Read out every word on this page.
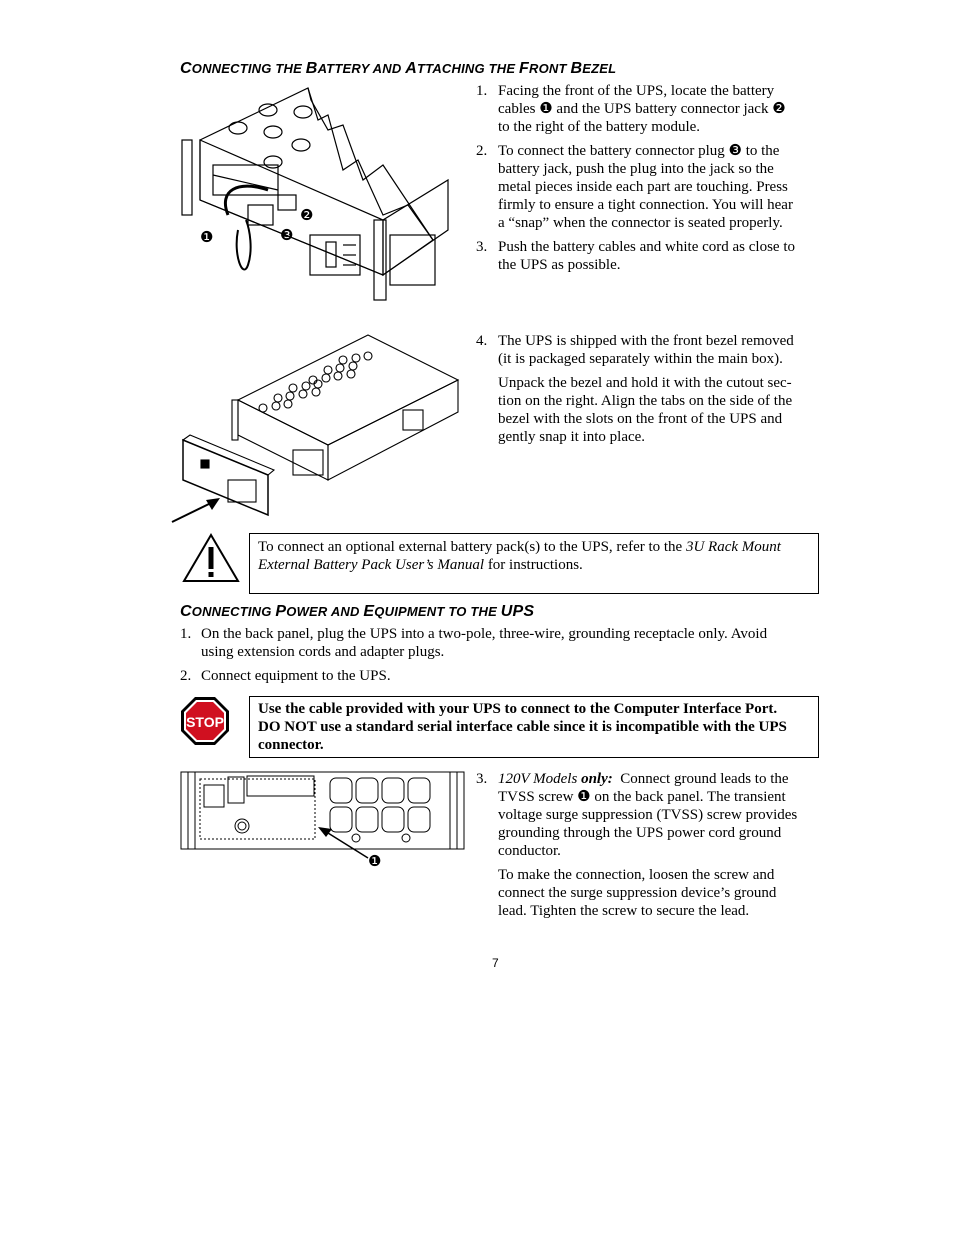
CONNECTING THE BATTERY AND ATTACHING THE FRONT BEZEL
❶
❷
❸
1. Facing the front of the UPS, locate the battery
cables ❶ and the UPS battery connector jack ❷
to the right of the battery module.
2. To connect the battery connector plug ❸ to the
battery jack, push the plug into the jack so the
metal pieces inside each part are touching. Press
firmly to ensure a tight connection. You will hear
a “snap” when the connector is seated properly.
3. Push the battery cables and white cord as close to
the UPS as possible.
4. The UPS is shipped with the front bezel removed
(it is packaged separately within the main box).
Unpack the bezel and hold it with the cutout sec-
tion on the right. Align the tabs on the side of the
bezel with the slots on the front of the UPS and
gently snap it into place.
To connect an optional external battery pack(s) to the UPS, refer to the 3U Rack Mount
External Battery Pack User’s Manual for instructions.
CONNECTING POWER AND EQUIPMENT TO THE UPS
1. On the back panel, plug the UPS into a two-pole, three-wire, grounding receptacle only. Avoid
using extension cords and adapter plugs.
2. Connect equipment to the UPS.
STOP
Use the cable provided with your UPS to connect to the Computer Interface Port.
DO NOT use a standard serial interface cable since it is incompatible with the UPS
connector.
❶
3. 120V Models only:  Connect ground leads to the
TVSS screw ❶ on the back panel. The transient
voltage surge suppression (TVSS) screw provides
grounding through the UPS power cord ground
conductor.
To make the connection, loosen the screw and
connect the surge suppression device’s ground
lead. Tighten the screw to secure the lead.
7
